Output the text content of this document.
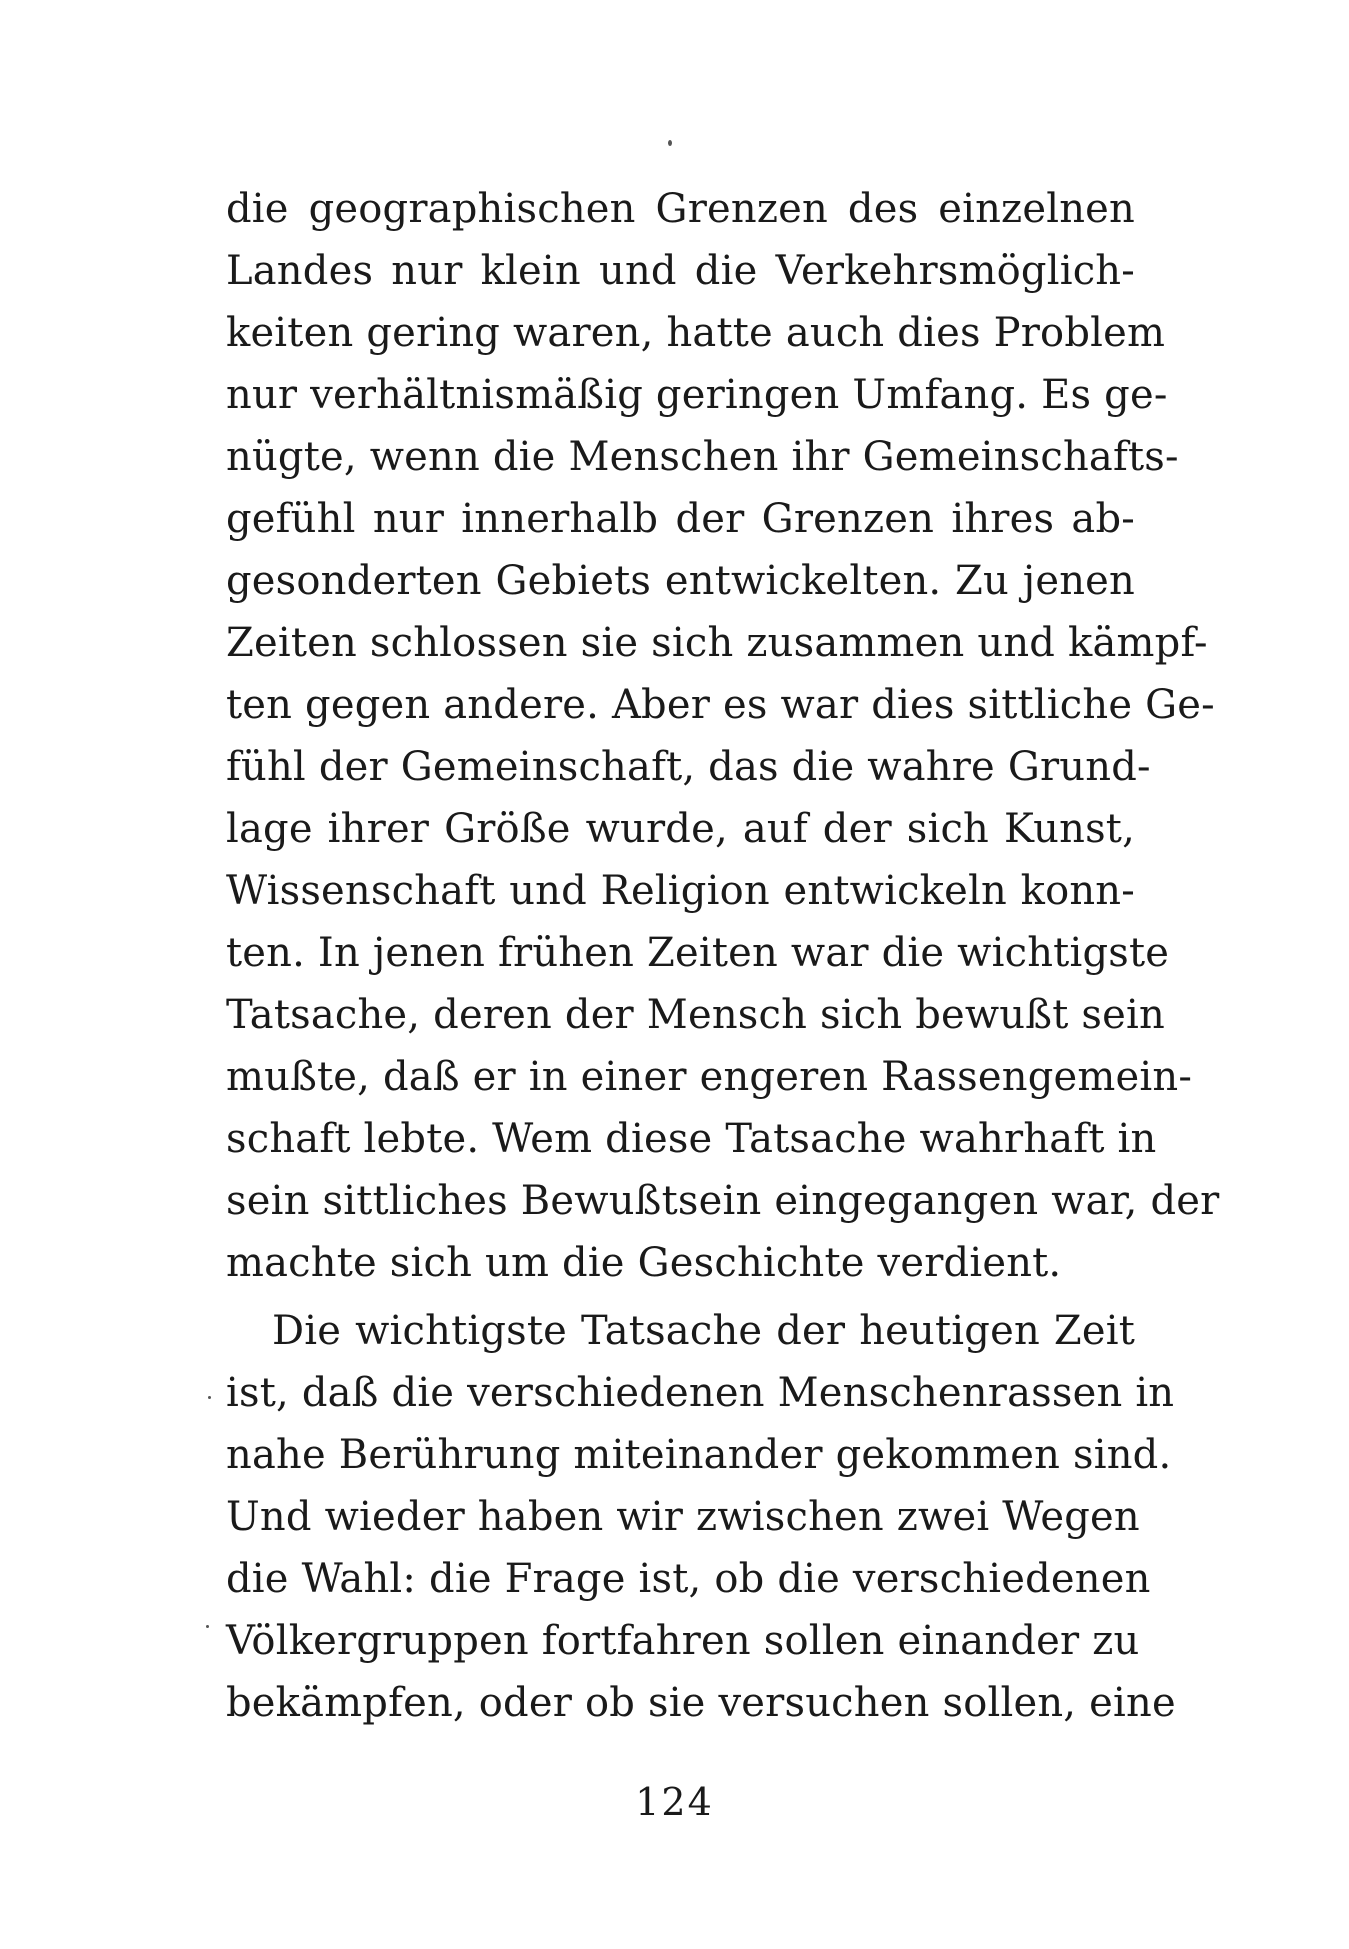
die geographischen Grenzen des einzelnen
Landes nur klein und die Verkehrsmöglich-
keiten gering waren, hatte auch dies Problem
nur verhältnismäßig geringen Umfang. Es ge-
nügte, wenn die Menschen ihr Gemeinschafts-
gefühl nur innerhalb der Grenzen ihres ab-
gesonderten Gebiets entwickelten. Zu jenen
Zeiten schlossen sie sich zusammen und kämpf-
ten gegen andere. Aber es war dies sittliche Ge-
fühl der Gemeinschaft, das die wahre Grund-
lage ihrer Größe wurde, auf der sich Kunst,
Wissenschaft und Religion entwickeln konn-
ten. In jenen frühen Zeiten war die wichtigste
Tatsache, deren der Mensch sich bewußt sein
mußte, daß er in einer engeren Rassengemein-
schaft lebte. Wem diese Tatsache wahrhaft in
sein sittliches Bewußtsein eingegangen war, der
machte sich um die Geschichte verdient.
Die wichtigste Tatsache der heutigen Zeit
ist, daß die verschiedenen Menschenrassen in
nahe Berührung miteinander gekommen sind.
Und wieder haben wir zwischen zwei Wegen
die Wahl: die Frage ist, ob die verschiedenen
Völkergruppen fortfahren sollen einander zu
bekämpfen, oder ob sie versuchen sollen, eine
124
